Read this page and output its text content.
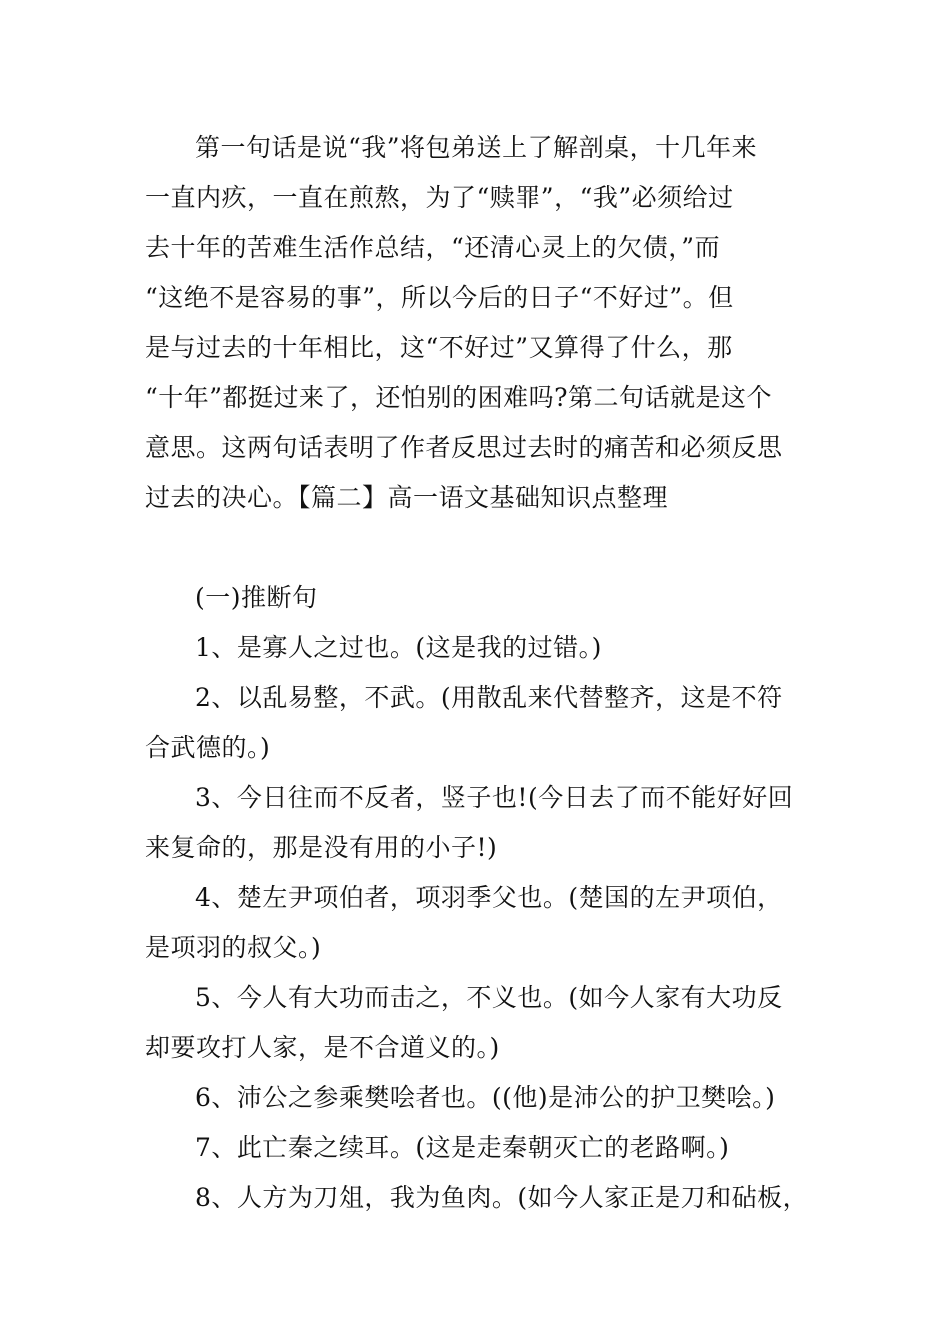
第一句话是说“我”将包弟送上了解剖桌，十几年来
一直内疚，一直在煎熬，为了“赎罪”，“我”必须给过
去十年的苦难生活作总结，“还清心灵上的欠债，”而
“这绝不是容易的事”，所以今后的日子“不好过”。但
是与过去的十年相比，这“不好过”又算得了什么，那
“十年”都挺过来了，还怕别的困难吗?第二句话就是这个
意思。这两句话表明了作者反思过去时的痛苦和必须反思
过去的决心。【篇二】高一语文基础知识点整理
(一)推断句
1、是寡人之过也。(这是我的过错。)
2、以乱易整，不武。(用散乱来代替整齐，这是不符
合武德的。)
3、今日往而不反者，竖子也!(今日去了而不能好好回
来复命的，那是没有用的小子!)
4、楚左尹项伯者，项羽季父也。(楚国的左尹项伯，
是项羽的叔父。)
5、今人有大功而击之，不义也。(如今人家有大功反
却要攻打人家，是不合道义的。)
6、沛公之参乘樊哙者也。((他)是沛公的护卫樊哙。)
7、此亡秦之续耳。(这是走秦朝灭亡的老路啊。)
8、人方为刀俎，我为鱼肉。(如今人家正是刀和砧板，
